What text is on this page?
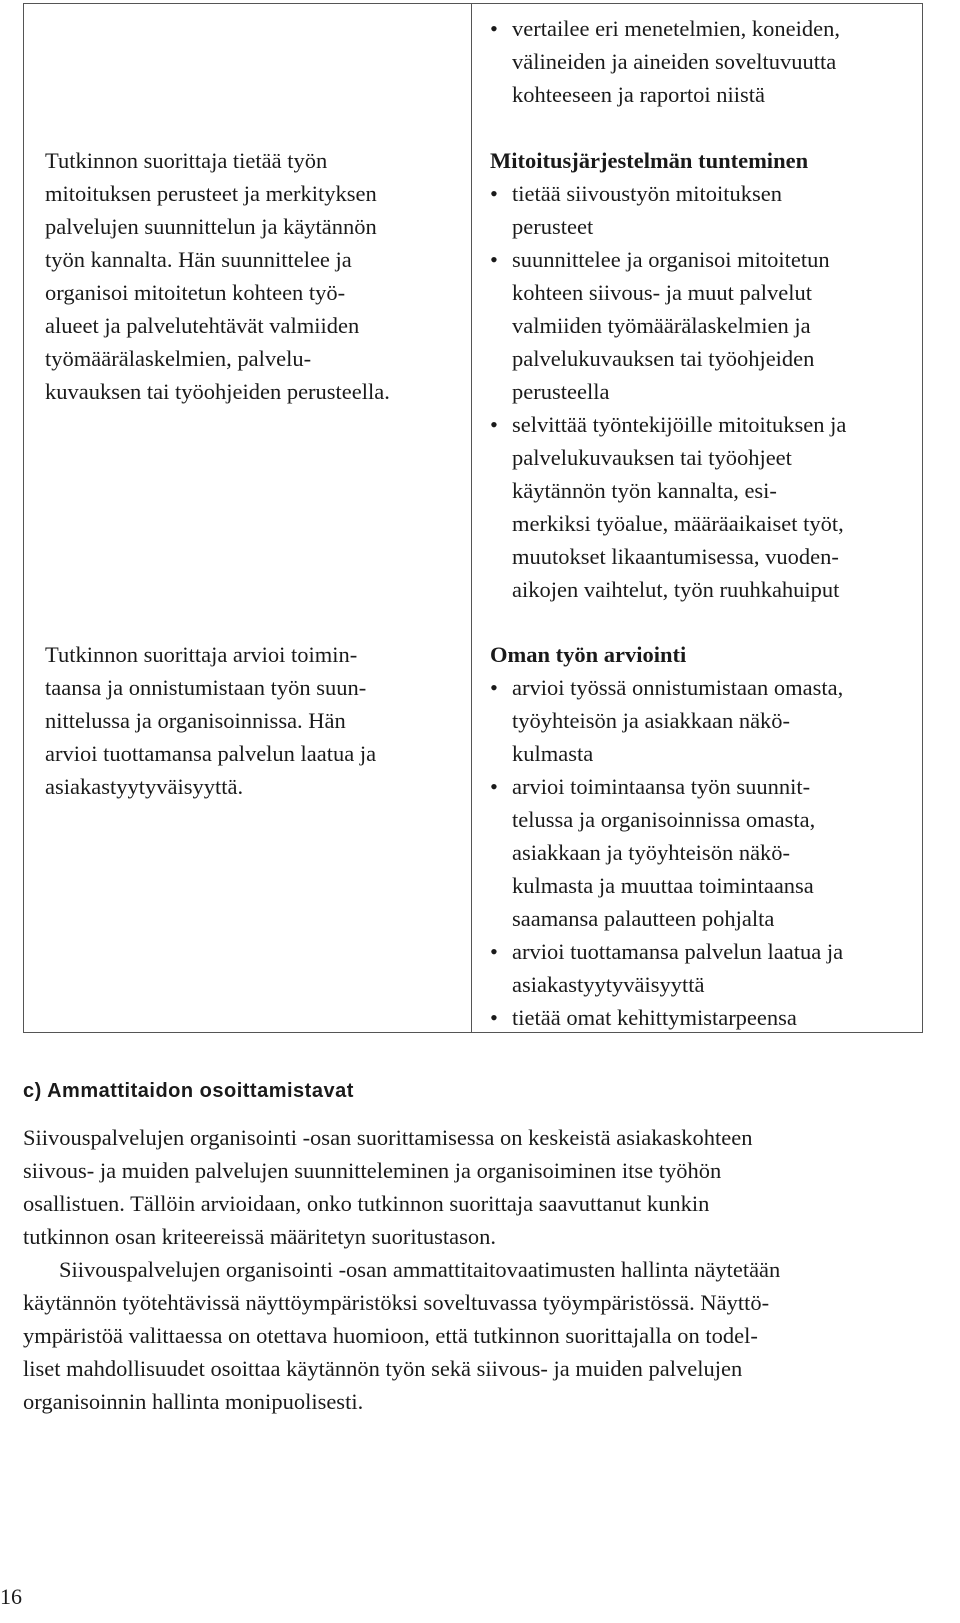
Tutkinnon suorittaja tietää työn
mitoituksen perusteet ja merkityksen
palvelujen suunnittelun ja käytännön
työn kannalta. Hän suunnittelee ja
organisoi mitoitetun kohteen työ-
alueet ja palvelutehtävät valmiiden
työmäärälaskelmien, palvelu-
kuvauksen tai työohjeiden perusteella.

Tutkinnon suorittaja arvioi toimin-
taansa ja onnistumistaan työn suun-
nittelussa ja organisoinnissa. Hän
arvioi tuottamansa palvelun laatua ja
asiakastyytyväisyyttä.

• vertailee eri menetelmien, koneiden,
välineiden ja aineiden soveltuvuutta
kohteeseen ja raportoi niistä
Mitoitusjärjestelmän tunteminen
• tietää siivoustyön mitoituksen
perusteet
• suunnittelee ja organisoi mitoitetun
kohteen siivous- ja muut palvelut
valmiiden työmäärälaskelmien ja
palvelukuvauksen tai työohjeiden
perusteella
• selvittää työntekijöille mitoituksen ja
palvelukuvauksen tai työohjeet
käytännön työn kannalta, esi-
merkiksi työalue, määräaikaiset työt,
muutokset likaantumisessa, vuoden-
aikojen vaihtelut, työn ruuhkahuiput
Oman työn arviointi
• arvioi työssä onnistumistaan omasta,
työyhteisön ja asiakkaan näkö-
kulmasta
• arvioi toimintaansa työn suunnit-
telussa ja organisoinnissa omasta,
asiakkaan ja työyhteisön näkö-
kulmasta ja muuttaa toimintaansa
saamansa palautteen pohjalta
• arvioi tuottamansa palvelun laatua ja
asiakastyytyväisyyttä
• tietää omat kehittymistarpeensa
c) Ammattitaidon osoittamistavat

Siivouspalvelujen organisointi -osan suorittamisessa on keskeistä asiakaskohteen
siivous- ja muiden palvelujen suunnitteleminen ja organisoiminen itse työhön
osallistuen. Tällöin arvioidaan, onko tutkinnon suorittaja saavuttanut kunkin
tutkinnon osan kriteereissä määritetyn suoritustason.

Siivouspalvelujen organisointi -osan ammattitaitovaatimusten hallinta näytetään
käytännön työtehtävissä näyttöympäristöksi soveltuvassa työympäristössä. Näyttö-
ympäristöä valittaessa on otettava huomioon, että tutkinnon suorittajalla on todel-
liset mahdollisuudet osoittaa käytännön työn sekä siivous- ja muiden palvelujen
organisoinnin hallinta monipuolisesti.

16
